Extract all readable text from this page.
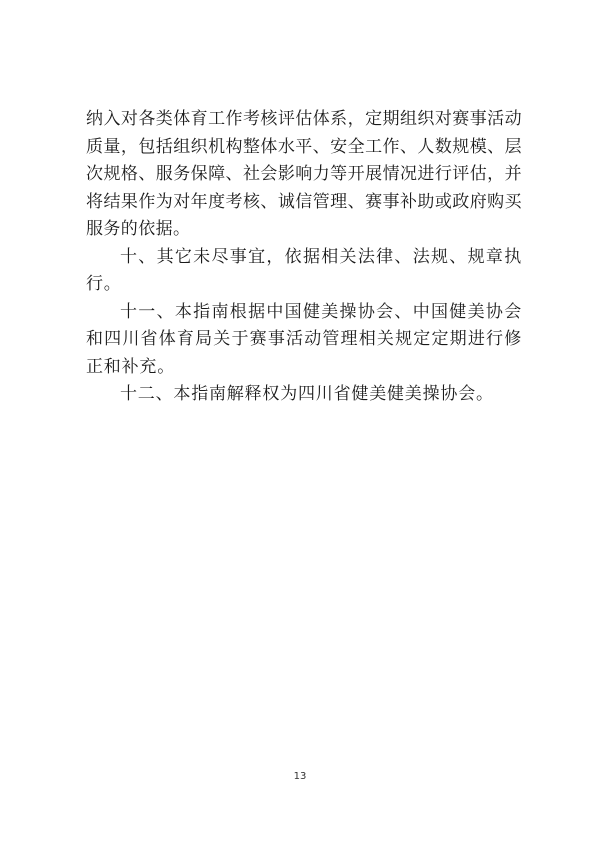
纳入对各类体育工作考核评估体系，定期组织对赛事活动质量，包括组织机构整体水平、安全工作、人数规模、层次规格、服务保障、社会影响力等开展情况进行评估，并将结果作为对年度考核、诚信管理、赛事补助或政府购买服务的依据。

十、其它未尽事宜，依据相关法律、法规、规章执行。

十一、本指南根据中国健美操协会、中国健美协会和四川省体育局关于赛事活动管理相关规定定期进行修正和补充。

十二、本指南解释权为四川省健美健美操协会。

13
